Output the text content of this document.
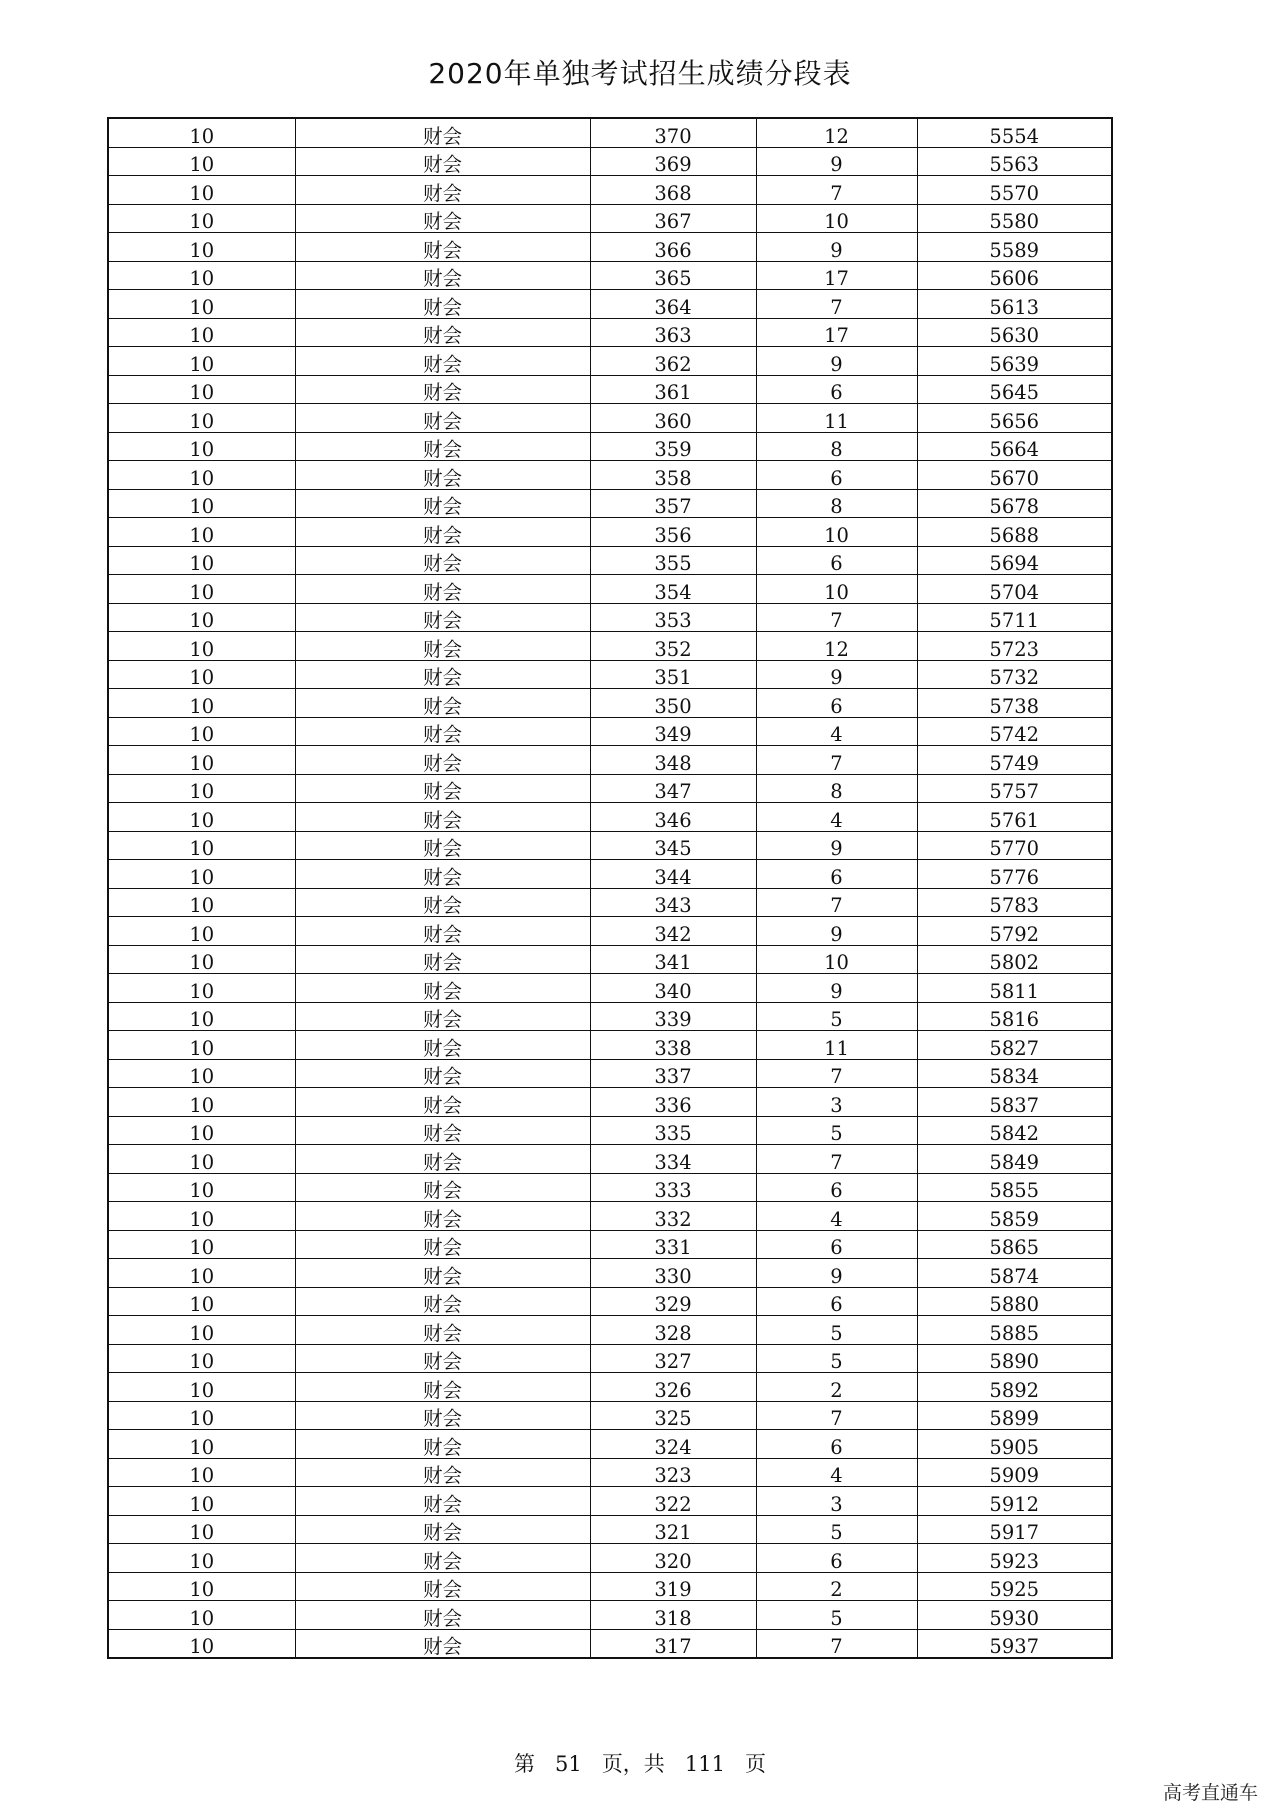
2020年单独考试招生成绩分段表
10	财会	370	12	5554
10	财会	369	9	5563
10	财会	368	7	5570
10	财会	367	10	5580
10	财会	366	9	5589
10	财会	365	17	5606
10	财会	364	7	5613
10	财会	363	17	5630
10	财会	362	9	5639
10	财会	361	6	5645
10	财会	360	11	5656
10	财会	359	8	5664
10	财会	358	6	5670
10	财会	357	8	5678
10	财会	356	10	5688
10	财会	355	6	5694
10	财会	354	10	5704
10	财会	353	7	5711
10	财会	352	12	5723
10	财会	351	9	5732
10	财会	350	6	5738
10	财会	349	4	5742
10	财会	348	7	5749
10	财会	347	8	5757
10	财会	346	4	5761
10	财会	345	9	5770
10	财会	344	6	5776
10	财会	343	7	5783
10	财会	342	9	5792
10	财会	341	10	5802
10	财会	340	9	5811
10	财会	339	5	5816
10	财会	338	11	5827
10	财会	337	7	5834
10	财会	336	3	5837
10	财会	335	5	5842
10	财会	334	7	5849
10	财会	333	6	5855
10	财会	332	4	5859
10	财会	331	6	5865
10	财会	330	9	5874
10	财会	329	6	5880
10	财会	328	5	5885
10	财会	327	5	5890
10	财会	326	2	5892
10	财会	325	7	5899
10	财会	324	6	5905
10	财会	323	4	5909
10	财会	322	3	5912
10	财会	321	5	5917
10	财会	320	6	5923
10	财会	319	2	5925
10	财会	318	5	5930
10	财会	317	7	5937
第 51 页，共 111 页
高考直通车
